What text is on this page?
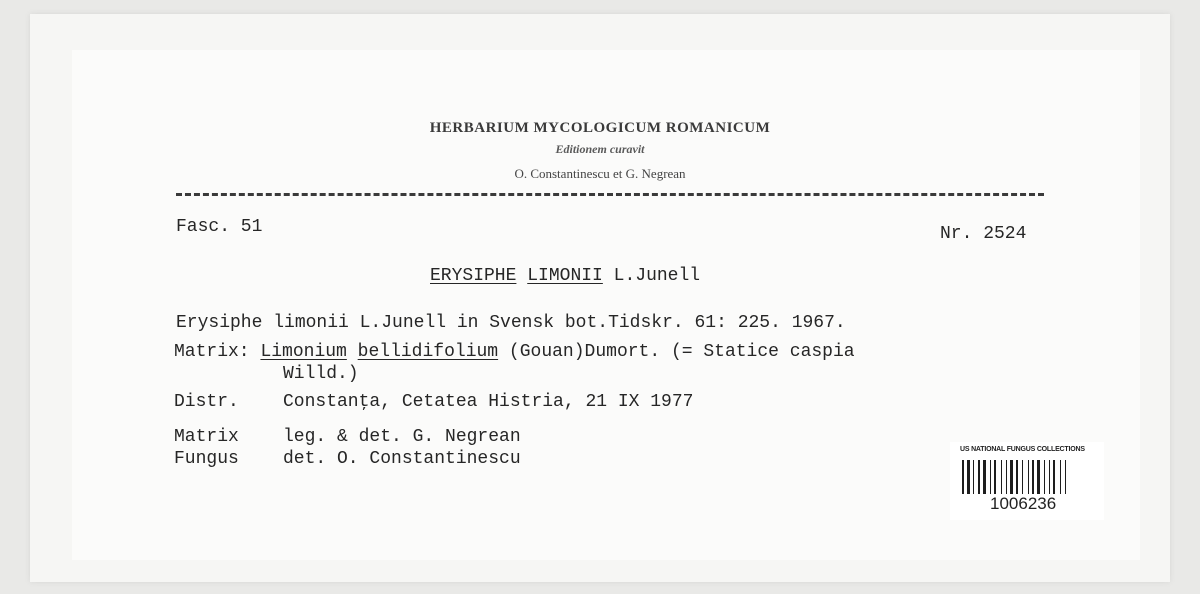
HERBARIUM MYCOLOGICUM ROMANICUM
Editionem curavit
O. Constantinescu et G. Negrean
Fasc. 51	Nr. 2524
ERYSIPHE LIMONII L.Junell
Erysiphe limonii L.Junell in Svensk bot.Tidskr. 61: 225. 1967.
Matrix: Limonium bellidifolium (Gouan)Dumort. (= Statice caspia
Willd.)
Distr. Constanţa, Cetatea Histria, 21 IX 1977
Matrix leg. & det. G. Negrean
Fungus det. O. Constantinescu	US NATIONAL FUNGUS COLLECTIONS
1006236
